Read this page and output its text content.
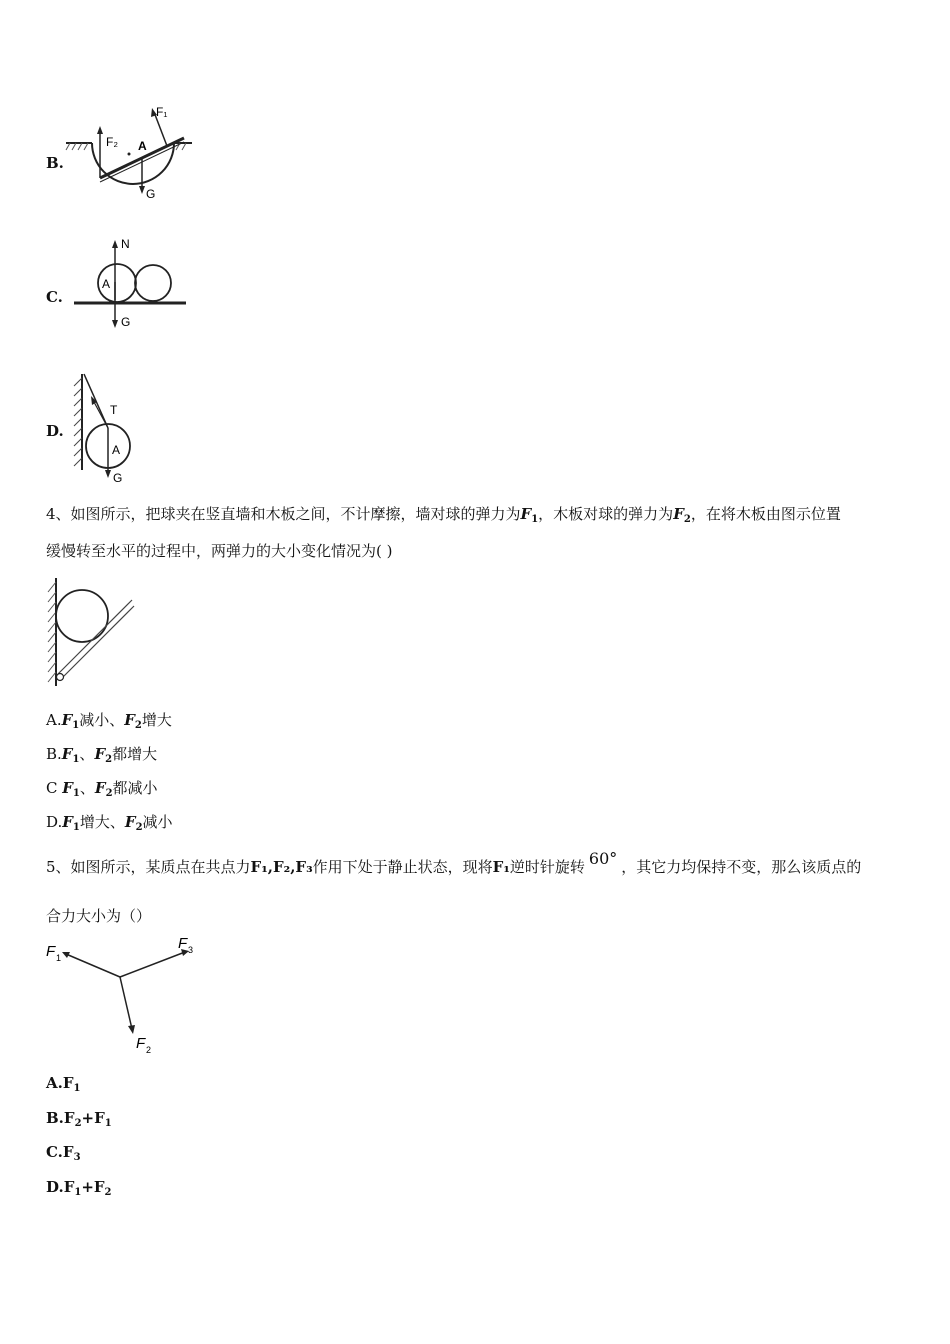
B.
F₂ A
F₁
G
C.
A
N
G
D.
T
A
G
4、如图所示，把球夹在竖直墙和木板之间，不计摩擦，墙对球的弹力为$F_1$，木板对球的弹力为$F_2$，在将木板由图示位置
缓慢转至水平的过程中，两弹力的大小变化情况为( )
$A.F_1$减小、$F_2$增大
$B.F_1$、$F_2$都增大
C $F_1$、$F_2$都减小
$D.F_1$增大、$F_2$减小
5、如图所示，某质点在共点力F₁,F₂,F₃作用下处于静止状态，现将F₁逆时针旋转 60° ，其它力均保持不变，那么该质点的
合力大小为（）
F 1
F 3
F 2
$A.F_1$
$B.F_2+F_1$
$C.F_3$
$D.F_1+F_2$
